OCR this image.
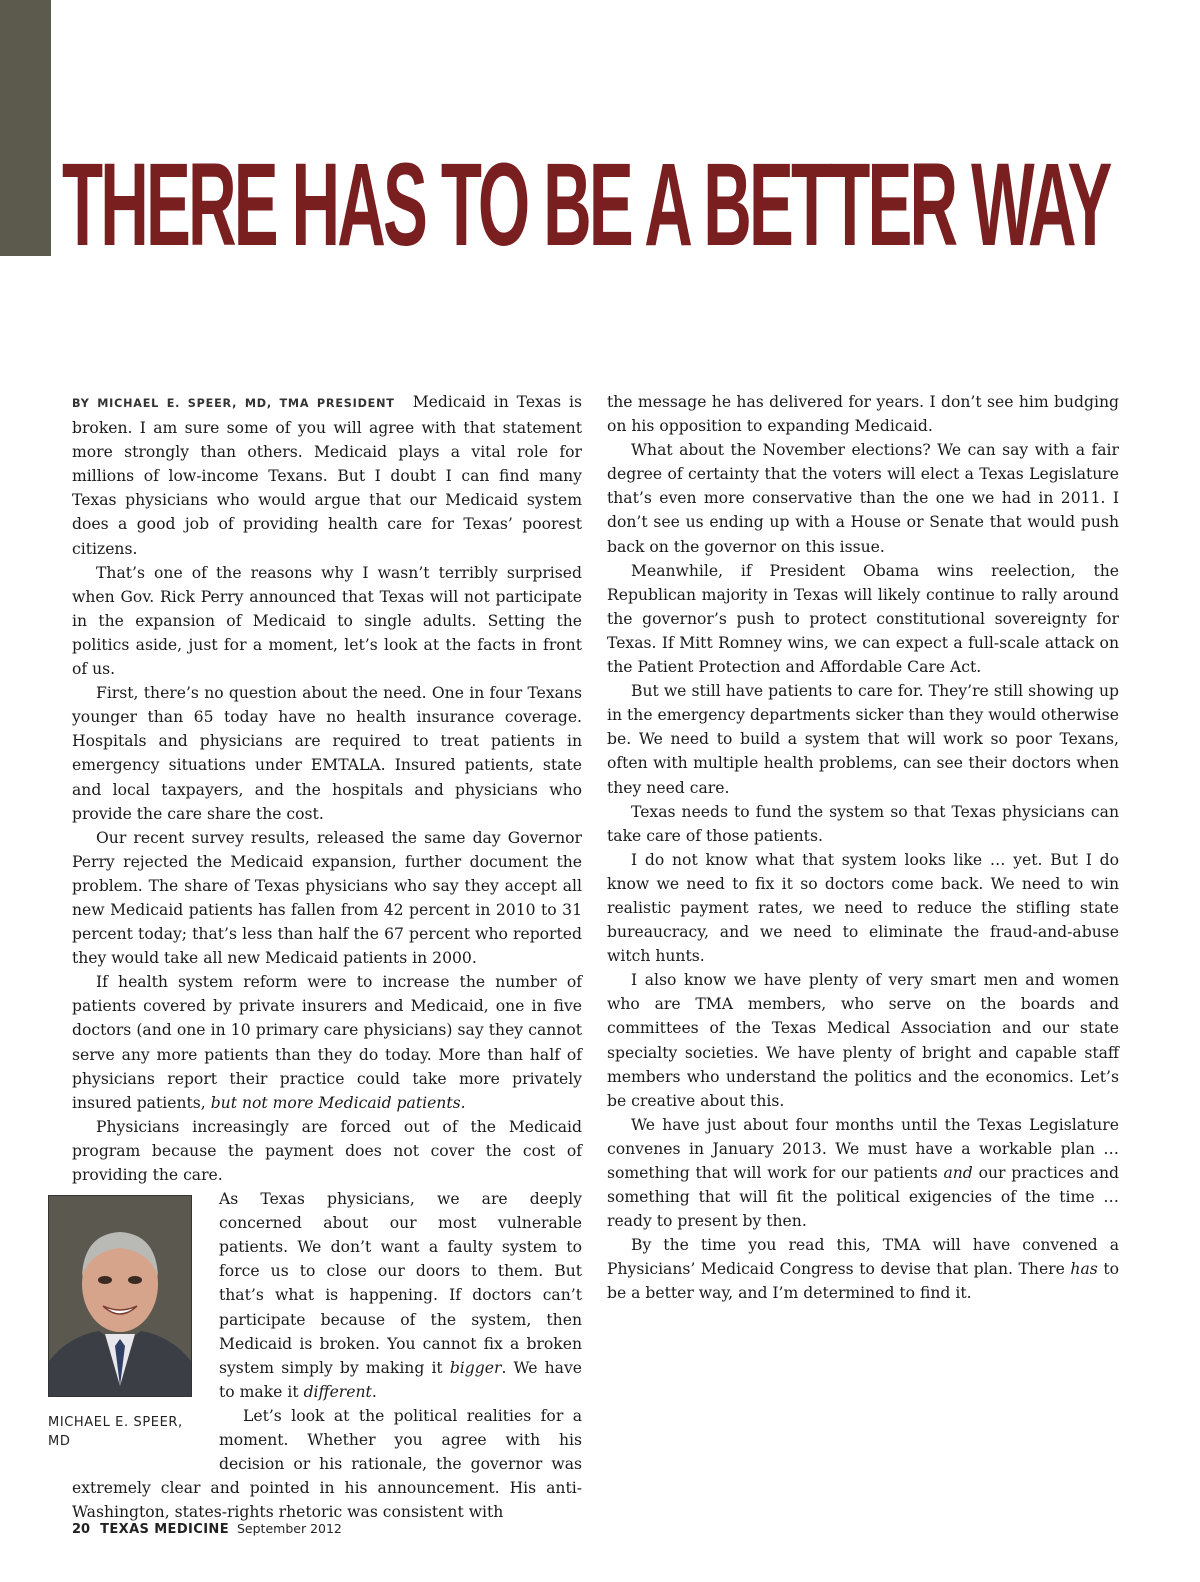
THERE HAS TO BE A BETTER WAY

BY MICHAEL E. SPEER, MD, TMA PRESIDENT Medicaid in Texas is broken. I am sure some of you will agree with that statement more strongly than others. Medicaid plays a vital role for millions of low-income Texans. But I doubt I can find many Texas physicians who would argue that our Medicaid system does a good job of providing health care for Texas’ poorest citizens.

That’s one of the reasons why I wasn’t terribly surprised when Gov. Rick Perry announced that Texas will not participate in the expansion of Medicaid to single adults. Setting the politics aside, just for a moment, let’s look at the facts in front of us.

First, there’s no question about the need. One in four Texans younger than 65 today have no health insurance coverage. Hospitals and physicians are required to treat patients in emergency situations under EMTALA. Insured patients, state and local taxpayers, and the hospitals and physicians who provide the care share the cost.

Our recent survey results, released the same day Governor Perry rejected the Medicaid expansion, further document the problem. The share of Texas physicians who say they accept all new Medicaid patients has fallen from 42 percent in 2010 to 31 percent today; that’s less than half the 67 percent who reported they would take all new Medicaid patients in 2000.

If health system reform were to increase the number of patients covered by private insurers and Medicaid, one in five doctors (and one in 10 primary care physicians) say they cannot serve any more patients than they do today. More than half of physicians report their practice could take more privately insured patients, but not more Medicaid patients.

Physicians increasingly are forced out of the Medicaid program because the payment does not cover the cost of providing the care.

MICHAEL E. SPEER, MD

As Texas physicians, we are deeply concerned about our most vulnerable patients. We don’t want a faulty system to force us to close our doors to them. But that’s what is happening. If doctors can’t participate because of the system, then Medicaid is broken. You cannot fix a broken system simply by making it bigger. We have to make it different.

Let’s look at the political realities for a moment. Whether you agree with his decision or his rationale, the governor was extremely clear and pointed in his announcement. His anti-Washington, states-rights rhetoric was consistent with

the message he has delivered for years. I don’t see him budging on his opposition to expanding Medicaid.

What about the November elections? We can say with a fair degree of certainty that the voters will elect a Texas Legislature that’s even more conservative than the one we had in 2011. I don’t see us ending up with a House or Senate that would push back on the governor on this issue.

Meanwhile, if President Obama wins reelection, the Republican majority in Texas will likely continue to rally around the governor’s push to protect constitutional sovereignty for Texas. If Mitt Romney wins, we can expect a full-scale attack on the Patient Protection and Affordable Care Act.

But we still have patients to care for. They’re still showing up in the emergency departments sicker than they would otherwise be. We need to build a system that will work so poor Texans, often with multiple health problems, can see their doctors when they need care.

Texas needs to fund the system so that Texas physicians can take care of those patients.

I do not know what that system looks like … yet. But I do know we need to fix it so doctors come back. We need to win realistic payment rates, we need to reduce the stifling state bureaucracy, and we need to eliminate the fraud-and-abuse witch hunts.

I also know we have plenty of very smart men and women who are TMA members, who serve on the boards and committees of the Texas Medical Association and our state specialty societies. We have plenty of bright and capable staff members who understand the politics and the economics. Let’s be creative about this.

We have just about four months until the Texas Legislature convenes in January 2013. We must have a workable plan … something that will work for our patients and our practices and something that will fit the political exigencies of the time … ready to present by then.

By the time you read this, TMA will have convened a Physicians’ Medicaid Congress to devise that plan. There has to be a better way, and I’m determined to find it.

20 TEXAS MEDICINE September 2012
